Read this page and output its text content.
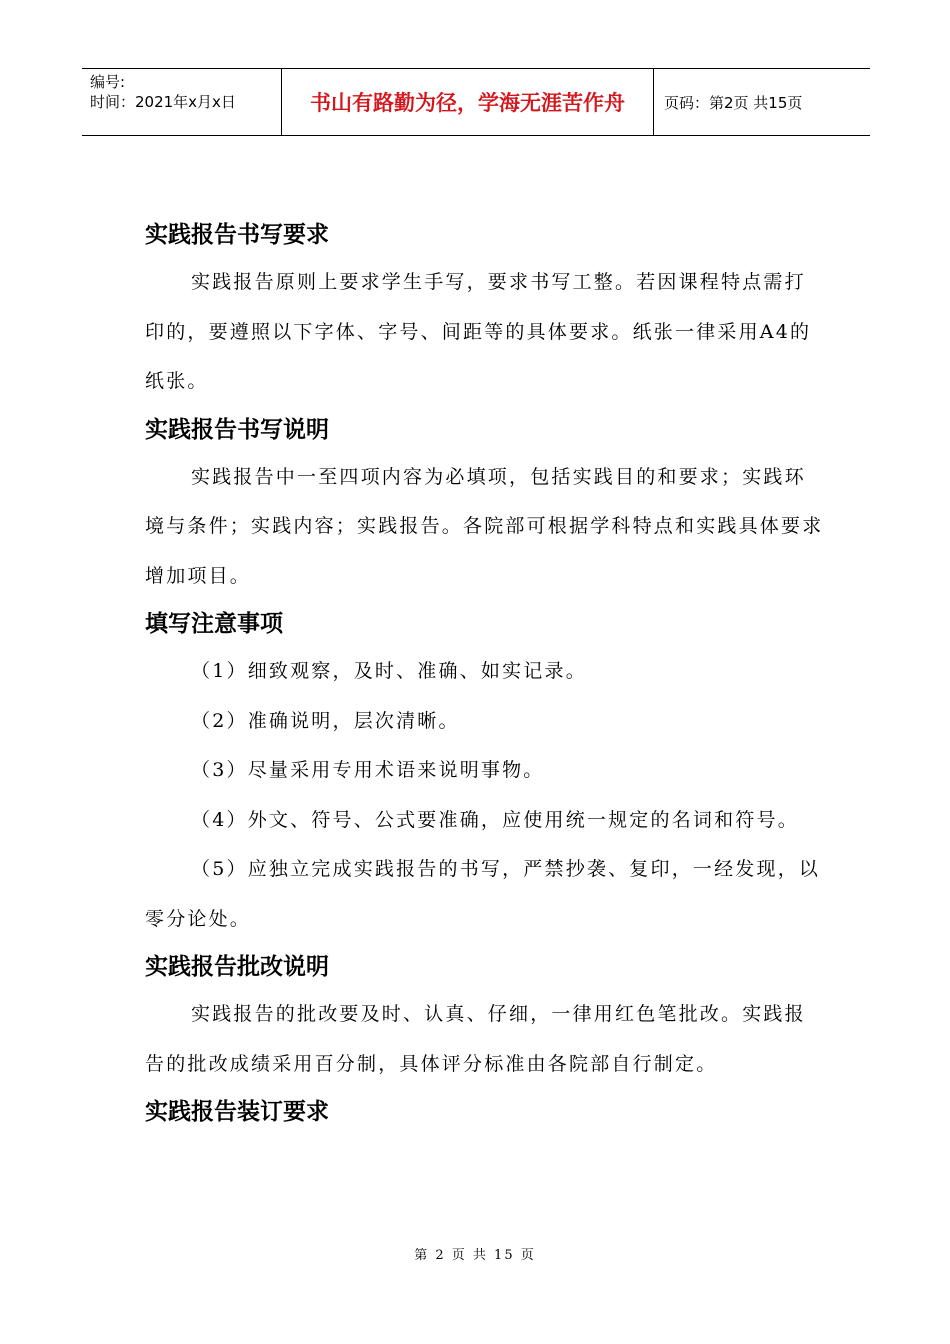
编号:
时间：2021年x月x日	书山有路勤为径，学海无涯苦作舟	页码：第2页 共15页
实践报告书写要求

实践报告原则上要求学生手写，要求书写工整。若因课程特点需打印的，要遵照以下字体、字号、间距等的具体要求。纸张一律采用A4的纸张。

实践报告书写说明

实践报告中一至四项内容为必填项，包括实践目的和要求；实践环境与条件；实践内容；实践报告。各院部可根据学科特点和实践具体要求增加项目。

填写注意事项

（1）细致观察，及时、准确、如实记录。

（2）准确说明，层次清晰。

（3）尽量采用专用术语来说明事物。

（4）外文、符号、公式要准确，应使用统一规定的名词和符号。

（5）应独立完成实践报告的书写，严禁抄袭、复印，一经发现，以零分论处。

实践报告批改说明

实践报告的批改要及时、认真、仔细，一律用红色笔批改。实践报告的批改成绩采用百分制，具体评分标准由各院部自行制定。

实践报告装订要求
第 2 页 共 15 页
